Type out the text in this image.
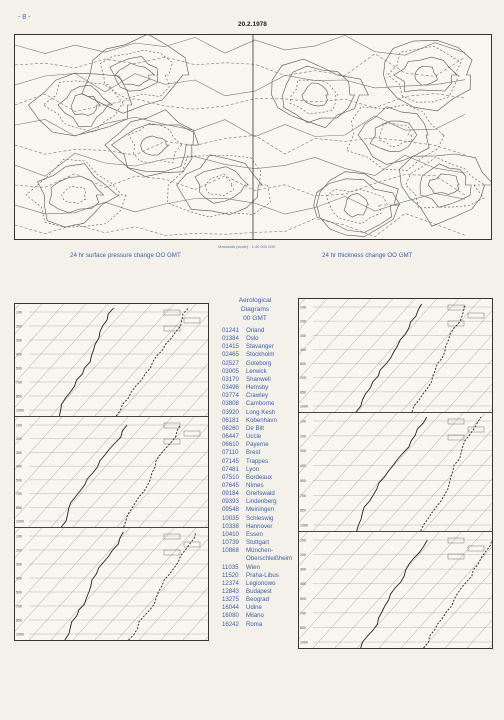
- 8 -
20.2.1978
Massstab (scale) : 1:40 000 000
24 hr surface pressure change OO GMT	24 hr thickness change OO GMT
100
200
300
400
500
700
850
1000
100
200
300
400
500
700
850
1000
100
200
300
400
500
700
850
1000
Aerological
Diagrams
00 GMT
01241	Orland
01384	Oslo
01415	Stavanger
02465	Stockholm
02527	Goteborg
03005	Lerwick
03170	Shanwell
03496	Hemsby
03774	Crawley
03808	Camborne
03920	Long Kesh
06181	Kobenhavn
06260	De Bilt
06447	Uccle
06610	Payerne
07110	Brest
07145	Trappes
07481	Lyon
07510	Bordeaux
07645	Nîmes
09184	Greifswald
09393	Lindenberg
09548	Meiningen
10035	Schleswig
10338	Hannover
10410	Essen
10739	Stuttgart
10868	München-
Oberschleißheim
11035	Wien
11520	Praha-Libus
12374	Legionowo
12843	Budapest
13275	Beograd
16044	Udine
16080	Milano
16242	Roma
100
200
300
400
500
700
850
1000
100
200
300
400
500
700
850
1000
100
200
300
400
500
700
850
1000
